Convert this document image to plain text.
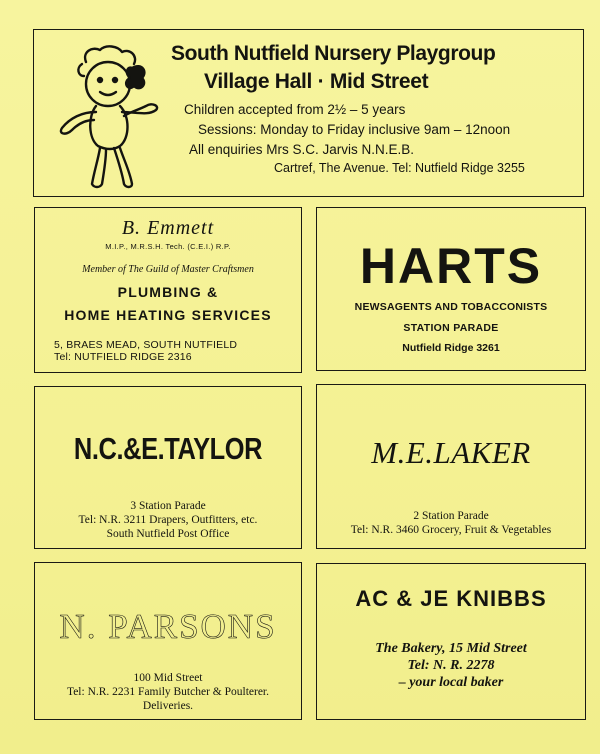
South Nutfield Nursery Playgroup
Village Hall · Mid Street
Children accepted from 2½ – 5 years
Sessions: Monday to Friday inclusive 9am – 12noon
All enquiries Mrs S.C. Jarvis N.N.E.B.
Cartref, The Avenue. Tel: Nutfield Ridge 3255
B. Emmett
M.I.P., M.R.S.H. Tech. (C.E.I.) R.P.
Member of The Guild of Master Craftsmen
PLUMBING &
HOME HEATING SERVICES
5, BRAES MEAD, SOUTH NUTFIELD
Tel: NUTFIELD RIDGE 2316
HARTS
NEWSAGENTS AND TOBACCONISTS
STATION PARADE
Nutfield Ridge 3261
N.C.&E.TAYLOR
3 Station Parade
Tel: N.R. 3211 Drapers, Outfitters, etc.
South Nutfield Post Office
M.E.LAKER
2 Station Parade
Tel: N.R. 3460 Grocery, Fruit & Vegetables
N. PARSONS
100 Mid Street
Tel: N.R. 2231 Family Butcher & Poulterer.
Deliveries.
AC & JE KNIBBS
The Bakery, 15 Mid Street
Tel: N. R. 2278
– your local baker
